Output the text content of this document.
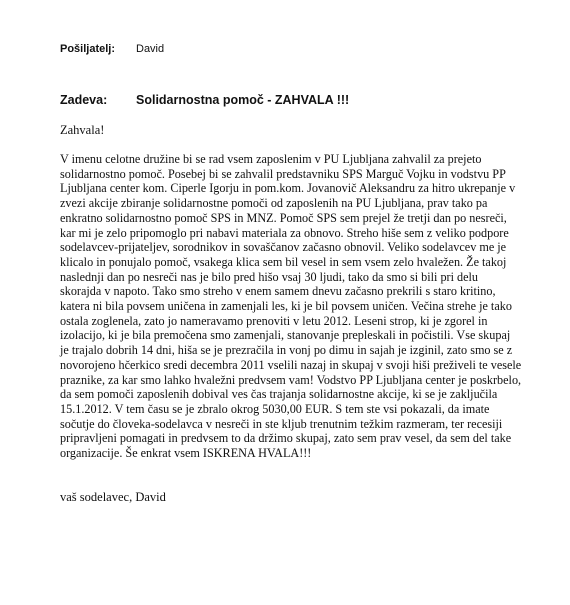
Pošiljatelj: David
Zadeva: Solidarnostna pomoč - ZAHVALA !!!
Zahvala!
V imenu celotne družine bi se rad vsem zaposlenim v PU Ljubljana zahvalil za prejeto solidarnostno pomoč. Posebej bi se zahvalil predstavniku SPS Marguč Vojku in vodstvu PP Ljubljana center kom. Ciperle Igorju in pom.kom. Jovanovič Aleksandru za hitro ukrepanje v zvezi akcije zbiranje solidarnostne pomoči od zaposlenih na PU Ljubljana, prav tako pa enkratno solidarnostno pomoč SPS in MNZ. Pomoč SPS sem prejel že tretji dan po nesreči, kar mi je zelo pripomoglo pri nabavi materiala za obnovo. Streho hiše sem z veliko podpore sodelavcev-prijateljev, sorodnikov in sovaščanov začasno obnovil. Veliko sodelavcev me je klicalo in ponujalo pomoč, vsakega klica sem bil vesel in sem vsem zelo hvaležen. Že takoj naslednji dan po nesreči nas je bilo pred hišo vsaj 30 ljudi, tako da smo si bili pri delu skorajda v napoto. Tako smo streho v enem samem dnevu začasno prekrili s staro kritino, katera ni bila povsem uničena in zamenjali les, ki je bil povsem uničen. Večina strehe je tako ostala zoglenela, zato jo nameravamo prenoviti v letu 2012. Leseni strop, ki je zgorel in izolacijo, ki je bila premočena smo zamenjali, stanovanje prepleskali in počistili. Vse skupaj je trajalo dobrih 14 dni, hiša se je prezračila in vonj po dimu in sajah je izginil, zato smo se z novorojeno hčerkico sredi decembra 2011 vselili nazaj in skupaj v svoji hiši preživeli te vesele praznike, za kar smo lahko hvaležni predvsem vam! Vodstvo PP Ljubljana center je poskrbelo, da sem pomoči zaposlenih dobival ves čas trajanja solidarnostne akcije, ki se je zaključila 15.1.2012. V tem času se je zbralo okrog 5030,00 EUR. S tem ste vsi pokazali, da imate sočutje do človeka-sodelavca v nesreči in ste kljub trenutnim težkim razmeram, ter recesiji pripravljeni pomagati in predvsem to da držimo skupaj, zato sem prav vesel, da sem del take organizacije. Še enkrat vsem ISKRENA HVALA!!!
vaš sodelavec, David
